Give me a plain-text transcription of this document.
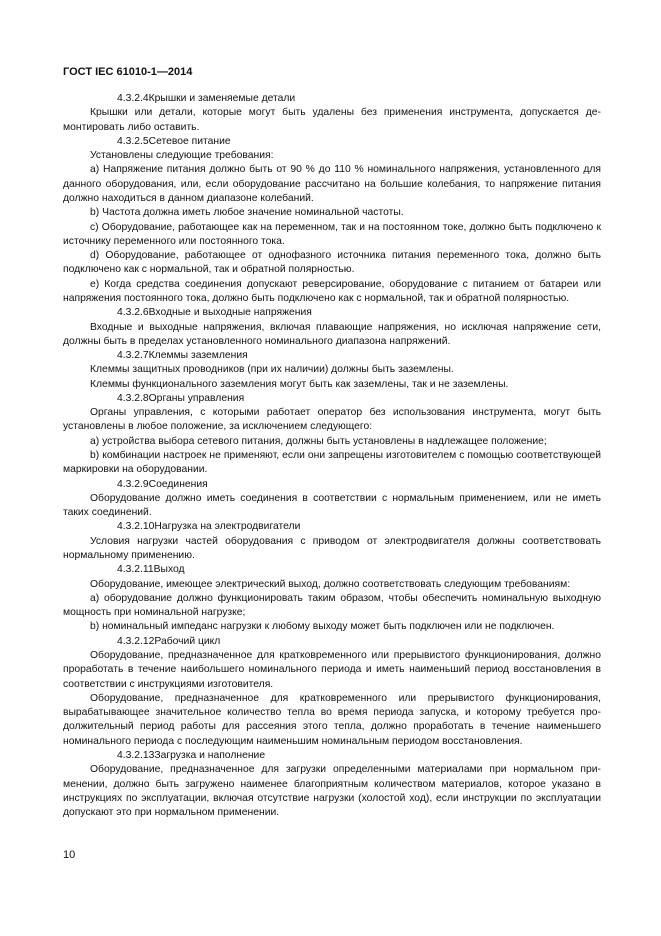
ГОСТ IEC 61010-1—2014

4.3.2.4Крышки и заменяемые детали

Крышки или детали, которые могут быть удалены без применения инструмента, допускается демонтировать либо оставить.

4.3.2.5Сетевое питание

Установлены следующие требования:

a) Напряжение питания должно быть от 90 % до 110 % номинального напряжения, установленного для данного оборудования, или, если оборудование рассчитано на большие колебания, то напряжение питания должно находиться в данном диапазоне колебаний.

b) Частота должна иметь любое значение номинальной частоты.

c) Оборудование, работающее как на переменном, так и на постоянном токе, должно быть подключено к источнику переменного или постоянного тока.

d) Оборудование, работающее от однофазного источника питания переменного тока, должно быть подключено как с нормальной, так и обратной полярностью.

e) Когда средства соединения допускают реверсирование, оборудование с питанием от батареи или напряжения постоянного тока, должно быть подключено как с нормальной, так и обратной полярностью.

4.3.2.6Входные и выходные напряжения

Входные и выходные напряжения, включая плавающие напряжения, но исключая напряжение сети, должны быть в пределах установленного номинального диапазона напряжений.

4.3.2.7Клеммы заземления

Клеммы защитных проводников (при их наличии) должны быть заземлены.

Клеммы функционального заземления могут быть как заземлены, так и не заземлены.

4.3.2.8Органы управления

Органы управления, с которыми работает оператор без использования инструмента, могут быть установлены в любое положение, за исключением следующего:

a) устройства выбора сетевого питания, должны быть установлены в надлежащее положение;

b) комбинации настроек не применяют, если они запрещены изготовителем с помощью соответствующей маркировки на оборудовании.

4.3.2.9Соединения

Оборудование должно иметь соединения в соответствии с нормальным применением, или не иметь таких соединений.

4.3.2.10Нагрузка на электродвигатели

Условия нагрузки частей оборудования с приводом от электродвигателя должны соответствовать нормальному применению.

4.3.2.11Выход

Оборудование, имеющее электрический выход, должно соответствовать следующим требованиям:

a) оборудование должно функционировать таким образом, чтобы обеспечить номинальную выходную мощность при номинальной нагрузке;

b) номинальный импеданс нагрузки к любому выходу может быть подключен или не подключен.

4.3.2.12Рабочий цикл

Оборудование, предназначенное для кратковременного или прерывистого функционирования, должно проработать в течение наибольшего номинального периода и иметь наименьший период восстановления в соответствии с инструкциями изготовителя.

Оборудование, предназначенное для кратковременного или прерывистого функционирования, вырабатывающее значительное количество тепла во время периода запуска, и которому требуется продолжительный период работы для рассеяния этого тепла, должно проработать в течение наименьшего номинального периода с последующим наименьшим номинальным периодом восстановления.

4.3.2.13Загрузка и наполнение

Оборудование, предназначенное для загрузки определенными материалами при нормальном применении, должно быть загружено наименее благоприятным количеством материалов, которое указано в инструкциях по эксплуатации, включая отсутствие нагрузки (холостой ход), если инструкции по эксплуатации допускают это при нормальном применении.

10
